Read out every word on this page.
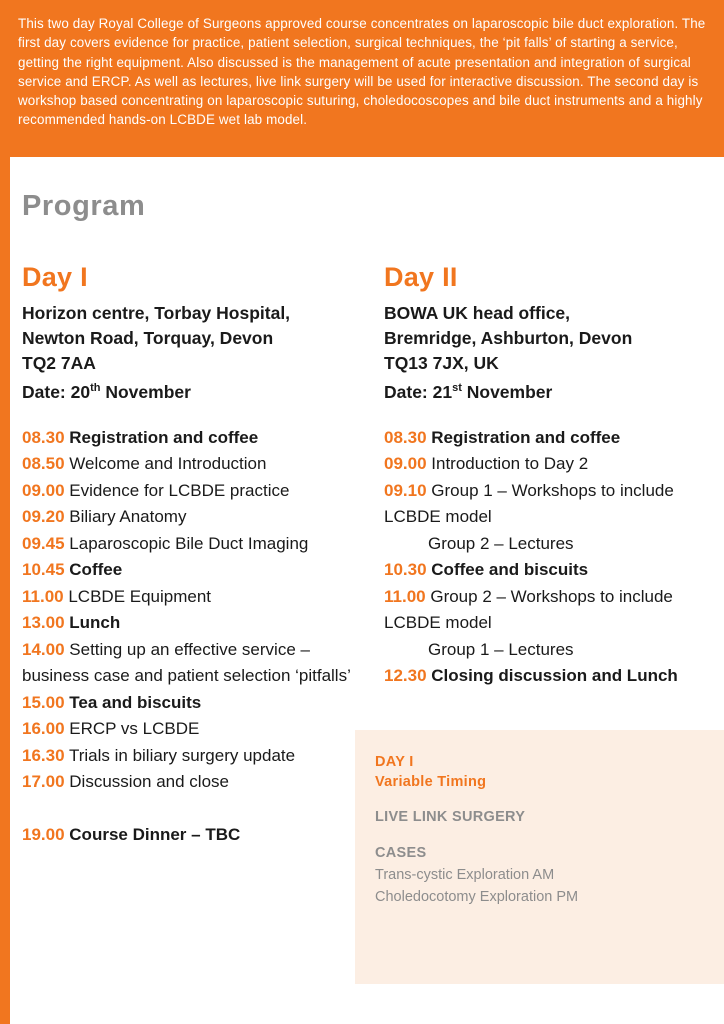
This two day Royal College of Surgeons approved course concentrates on laparoscopic bile duct exploration. The first day covers evidence for practice, patient selection, surgical techniques, the ‘pit falls’ of starting a service, getting the right equipment. Also discussed is the management of acute presentation and integration of surgical service and ERCP. As well as lectures, live link surgery will be used for interactive discussion. The second day is workshop based concentrating on laparoscopic suturing, choledocoscopes and bile duct instruments and a highly recommended hands-on LCBDE wet lab model.
Program
Day I
Horizon centre, Torbay Hospital,
Newton Road, Torquay, Devon
TQ2 7AA
Date: 20th November
08.30 Registration and coffee
08.50 Welcome and Introduction
09.00 Evidence for LCBDE practice
09.20 Biliary Anatomy
09.45 Laparoscopic Bile Duct Imaging
10.45 Coffee
11.00 LCBDE Equipment
13.00 Lunch
14.00 Setting up an effective service – business case and patient selection ‘pitfalls’
15.00 Tea and biscuits
16.00 ERCP vs LCBDE
16.30 Trials in biliary surgery update
17.00 Discussion and close

19.00 Course Dinner – TBC
Day II
BOWA UK head office,
Bremridge, Ashburton, Devon
TQ13 7JX, UK
Date: 21st November
08.30 Registration and coffee
09.00 Introduction to Day 2
09.10 Group 1 – Workshops to include LCBDE model
Group 2 – Lectures
10.30 Coffee and biscuits
11.00 Group 2 – Workshops to include LCBDE model
Group 1 – Lectures
12.30 Closing discussion and Lunch
DAY I
Variable Timing
LIVE LINK SURGERY
CASES
Trans-cystic Exploration AM
Choledocotomy Exploration PM
